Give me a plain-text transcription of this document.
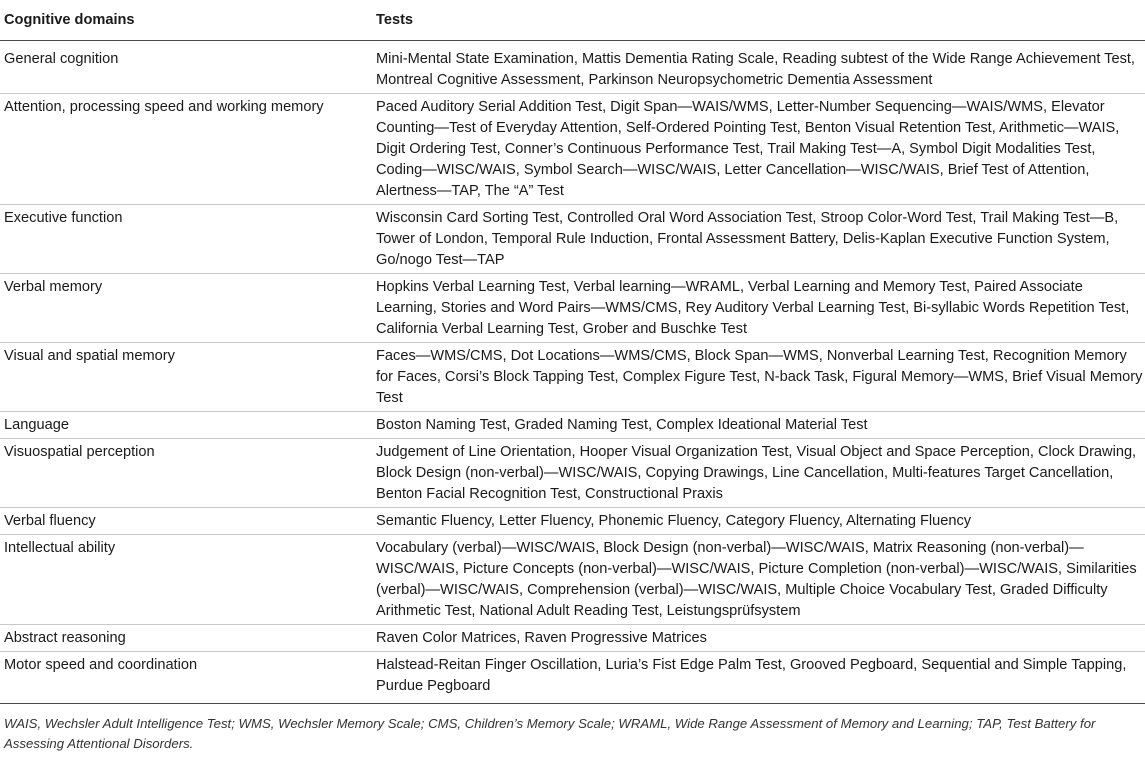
Cognitive domains	Tests
General cognition	Mini-Mental State Examination, Mattis Dementia Rating Scale, Reading subtest of the Wide Range Achievement Test, Montreal Cognitive Assessment, Parkinson Neuropsychometric Dementia Assessment
Attention, processing speed and working memory	Paced Auditory Serial Addition Test, Digit Span—WAIS/WMS, Letter-Number Sequencing—WAIS/WMS, Elevator Counting—Test of Everyday Attention, Self-Ordered Pointing Test, Benton Visual Retention Test, Arithmetic—WAIS, Digit Ordering Test, Conner’s Continuous Performance Test, Trail Making Test—A, Symbol Digit Modalities Test, Coding—WISC/WAIS, Symbol Search—WISC/WAIS, Letter Cancellation—WISC/WAIS, Brief Test of Attention, Alertness—TAP, The “A” Test
Executive function	Wisconsin Card Sorting Test, Controlled Oral Word Association Test, Stroop Color-Word Test, Trail Making Test—B, Tower of London, Temporal Rule Induction, Frontal Assessment Battery, Delis-Kaplan Executive Function System, Go/nogo Test—TAP
Verbal memory	Hopkins Verbal Learning Test, Verbal learning—WRAML, Verbal Learning and Memory Test, Paired Associate Learning, Stories and Word Pairs—WMS/CMS, Rey Auditory Verbal Learning Test, Bi-syllabic Words Repetition Test, California Verbal Learning Test, Grober and Buschke Test
Visual and spatial memory	Faces—WMS/CMS, Dot Locations—WMS/CMS, Block Span—WMS, Nonverbal Learning Test, Recognition Memory for Faces, Corsi’s Block Tapping Test, Complex Figure Test, N-back Task, Figural Memory—WMS, Brief Visual Memory Test
Language	Boston Naming Test, Graded Naming Test, Complex Ideational Material Test
Visuospatial perception	Judgement of Line Orientation, Hooper Visual Organization Test, Visual Object and Space Perception, Clock Drawing, Block Design (non-verbal)—WISC/WAIS, Copying Drawings, Line Cancellation, Multi-features Target Cancellation, Benton Facial Recognition Test, Constructional Praxis
Verbal fluency	Semantic Fluency, Letter Fluency, Phonemic Fluency, Category Fluency, Alternating Fluency
Intellectual ability	Vocabulary (verbal)—WISC/WAIS, Block Design (non-verbal)—WISC/WAIS, Matrix Reasoning (non-verbal)—WISC/WAIS, Picture Concepts (non-verbal)—WISC/WAIS, Picture Completion (non-verbal)—WISC/WAIS, Similarities (verbal)—WISC/WAIS, Comprehension (verbal)—WISC/WAIS, Multiple Choice Vocabulary Test, Graded Difficulty Arithmetic Test, National Adult Reading Test, Leistungsprüfsystem
Abstract reasoning	Raven Color Matrices, Raven Progressive Matrices
Motor speed and coordination	Halstead-Reitan Finger Oscillation, Luria’s Fist Edge Palm Test, Grooved Pegboard, Sequential and Simple Tapping, Purdue Pegboard
WAIS, Wechsler Adult Intelligence Test; WMS, Wechsler Memory Scale; CMS, Children’s Memory Scale; WRAML, Wide Range Assessment of Memory and Learning; TAP, Test Battery for Assessing Attentional Disorders.
